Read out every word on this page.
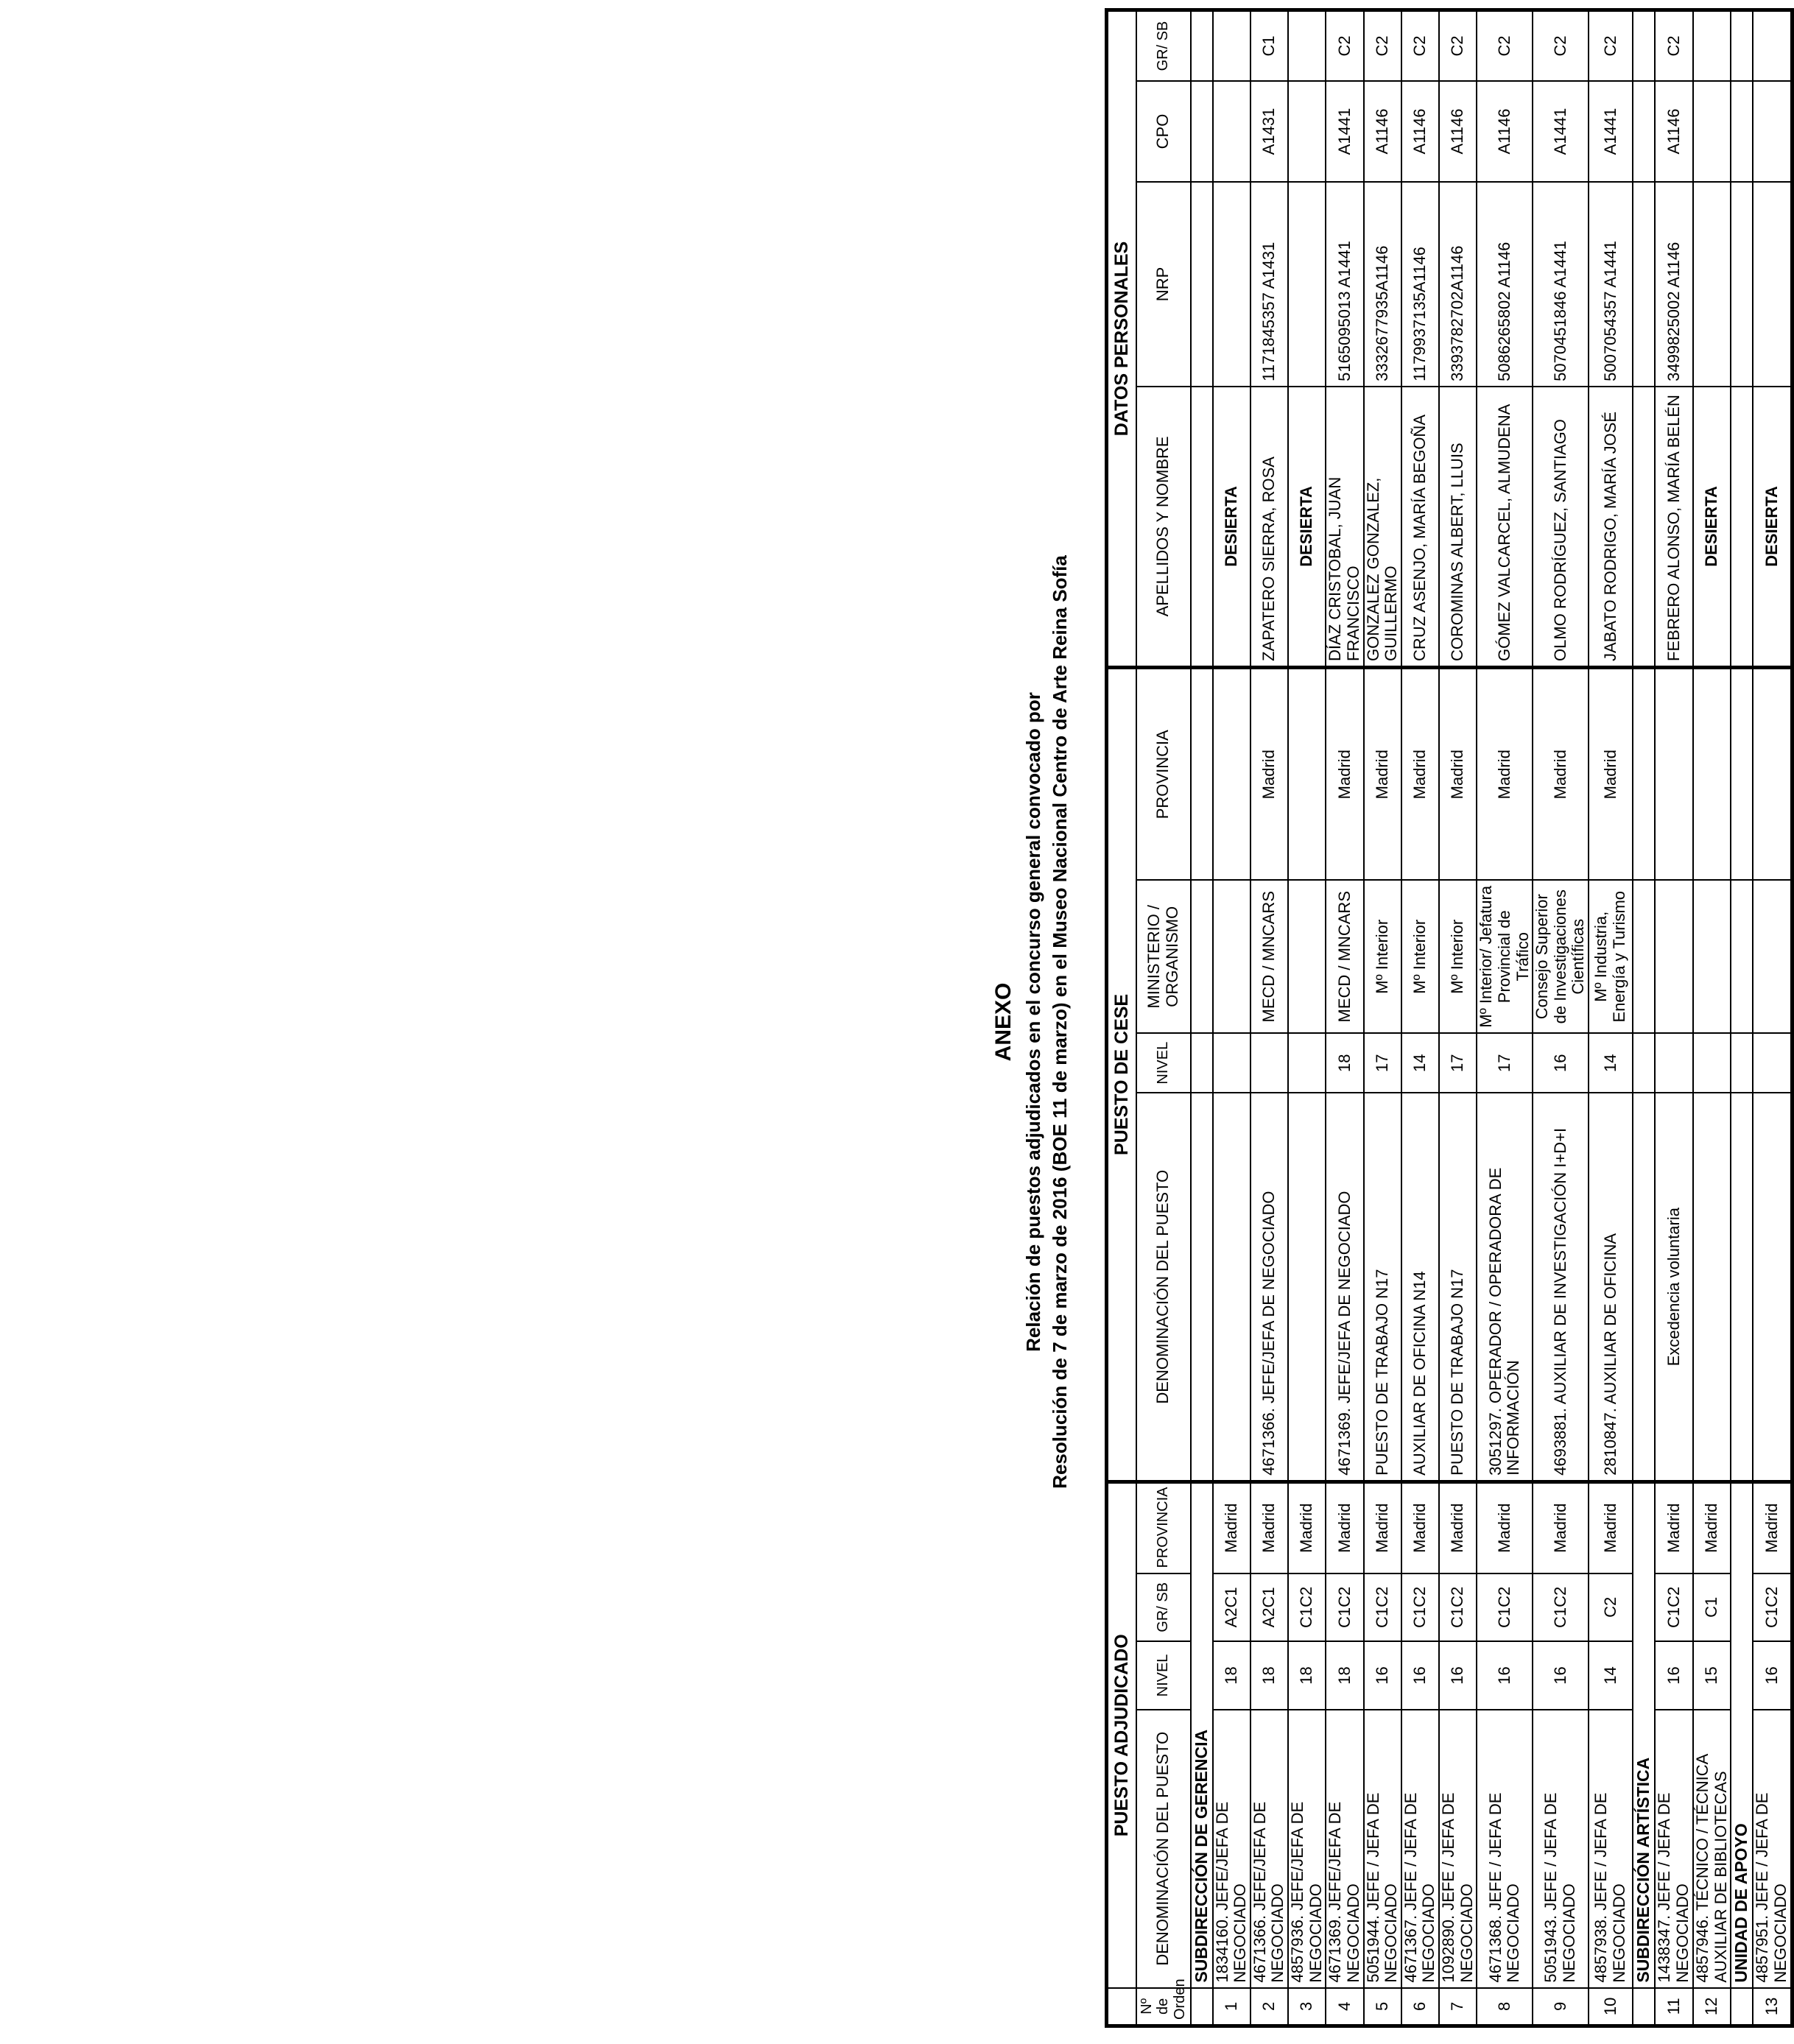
ANEXO Relación de puestos adjudicados en el concurso general convocado por Resolución de 7 de marzo de 2016 (BOE 11 de marzo) en el Museo Nacional Centro de Arte Reina Sofía
	PUESTO ADJUDICADO				PUESTO DE CESE				DATOS PERSONALES			
Nº de Orden	DENOMINACIÓN DEL PUESTO	NIVEL	GR/ SB	PROVINCIA	DENOMINACIÓN DEL PUESTO	NIVEL	MINISTERIO / ORGANISMO	PROVINCIA	APELLIDOS Y NOMBRE	NRP	CPO	GR/ SB
	SUBDIRECCIÓN DE GERENCIA											
1	1834160. JEFE/JEFA DE NEGOCIADO	18	A2C1	Madrid					DESIERTA			
2	4671366. JEFE/JEFA DE NEGOCIADO	18	A2C1	Madrid	4671366. JEFE/JEFA DE NEGOCIADO		MECD / MNCARS	Madrid	ZAPATERO SIERRA, ROSA	1171845357 A1431	A1431	C1
3	4857936. JEFE/JEFA DE NEGOCIADO	18	C1C2	Madrid					DESIERTA			
4	4671369. JEFE/JEFA DE NEGOCIADO	18	C1C2	Madrid	4671369. JEFE/JEFA DE NEGOCIADO	18	MECD / MNCARS	Madrid	DÍAZ CRISTOBAL, JUAN FRANCISCO	5165095013 A1441	A1441	C2
5	5051944. JEFE / JEFA DE NEGOCIADO	16	C1C2	Madrid	PUESTO DE TRABAJO N17	17	Mº Interior	Madrid	GONZALEZ GONZALEZ, GUILLERMO	3332677935A1146	A1146	C2
6	4671367. JEFE / JEFA DE NEGOCIADO	16	C1C2	Madrid	AUXILIAR DE OFICINA N14	14	Mº Interior	Madrid	CRUZ ASENJO, MARÍA BEGOÑA	1179937135A1146	A1146	C2
7	1092890. JEFE / JEFA DE NEGOCIADO	16	C1C2	Madrid	PUESTO DE TRABAJO N17	17	Mº Interior	Madrid	COROMINAS ALBERT, LLUIS	3393782702A1146	A1146	C2
8	4671368. JEFE / JEFA DE NEGOCIADO	16	C1C2	Madrid	3051297. OPERADOR / OPERADORA DE INFORMACIÓN	17	Mº Interior/ Jefatura Provincial de Tráfico	Madrid	GÓMEZ VALCARCEL, ALMUDENA	5086265802 A1146	A1146	C2
9	5051943. JEFE / JEFA DE NEGOCIADO	16	C1C2	Madrid	4693881. AUXILIAR DE INVESTIGACIÓN I+D+I	16	Consejo Superior de Investigaciones Científicas	Madrid	OLMO RODRÍGUEZ, SANTIAGO	5070451846 A1441	A1441	C2
10	4857938. JEFE / JEFA DE NEGOCIADO	14	C2	Madrid	2810847. AUXILIAR DE OFICINA	14	Mº Industria, Energía y Turismo	Madrid	JABATO RODRIGO, MARÍA JOSÉ	5007054357 A1441	A1441	C2
	SUBDIRECCIÓN ARTÍSTICA											
11	1438347. JEFE / JEFA DE NEGOCIADO	16	C1C2	Madrid	Excedencia voluntaria				FEBRERO ALONSO, MARÍA BELÉN	3499825002 A1146	A1146	C2
12	4857946. TÉCNICO / TÉCNICA AUXILIAR DE BIBLIOTECAS	15	C1	Madrid					DESIERTA			
	UNIDAD DE APOYO											
13	4857951. JEFE / JEFA DE NEGOCIADO	16	C1C2	Madrid					DESIERTA			
